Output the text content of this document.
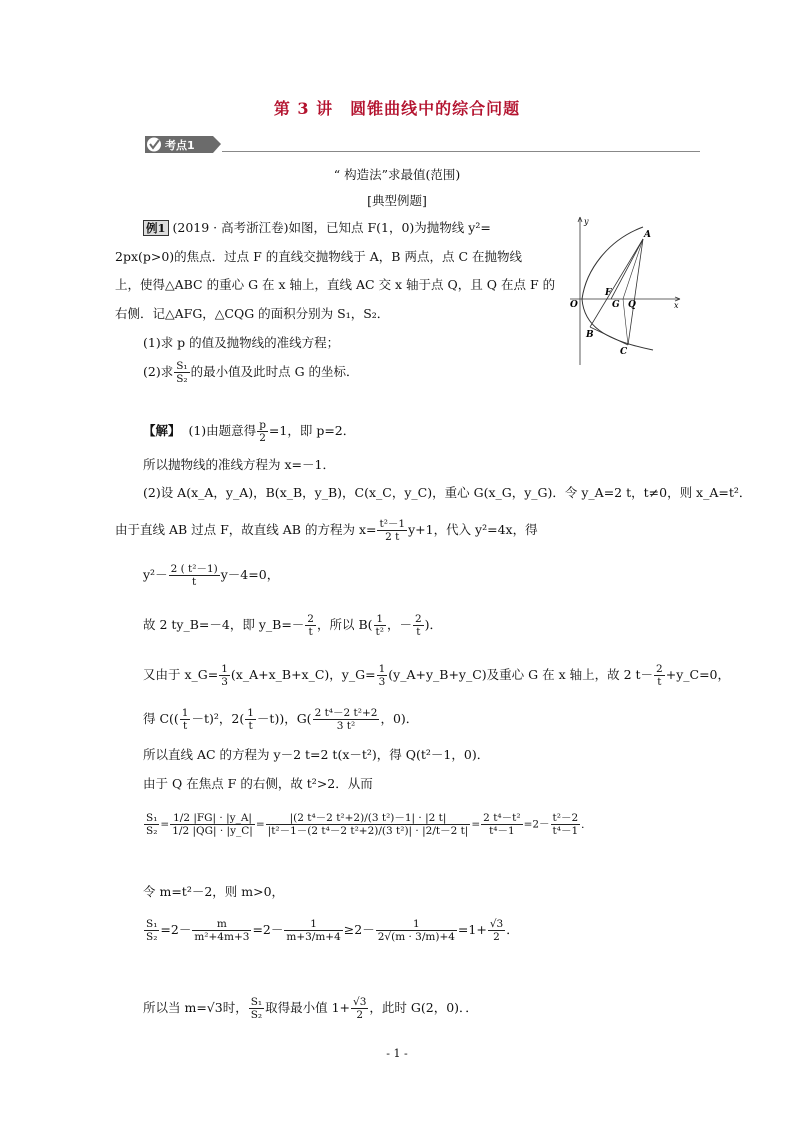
第 3 讲　圆锥曲线中的综合问题
考点1
“ 构造法”求最值(范围)
[典型例题]
例1 (2019 · 高考浙江卷)如图，已知点 F(1，0)为抛物线 y²=
2px(p>0)的焦点．过点 F 的直线交抛物线于 A，B 两点，点 C 在抛物线
上，使得△ABC 的重心 G 在 x 轴上，直线 AC 交 x 轴于点 Q，且 Q 在点 F 的
右侧．记△AFG，△CQG 的面积分别为 S₁，S₂．
(1)求 p 的值及抛物线的准线方程；
(2)求 $\frac{\text{S₁}}{\text{S₂}}$ 的最小值及此时点 G 的坐标．
y
x
O
A
B
C
F
G Q
【解】 (1)由题意得 $\frac{p}{2} =1$，即 p=2．
所以抛物线的准线方程为 x=－1．
(2)设 A(x_A，y_A)，B(x_B，y_B)，C(x_C，y_C)，重心 G(x_G，y_G)．令 y_A=2 t，t≠0，则 x_A=t²．
由于直线 AB 过点 F，故直线 AB 的方程为 $x= \frac{\text{t²－1}}{2 t} y+1$，代入 y²=4x，得
$y^2- \frac{\text{2 ( t²－1)}}{t} y-4=0$，
故 2 ty_B=－4，即 y_B=－ $\frac{2}{t}$ ，所以 $B( \frac{1}{\text{t²}}$ ，－ $\frac{2}{t}$ )．
又由于 x_G= $\frac{1}{3}$ (x_A+x_B+x_C)，y_G= $\frac{1}{3}$ (y_A+y_B+y_C)及重心 G 在 x 轴上，故 2 $t- \frac{2}{t}$ +y_C=0，
得 $C(( \frac{1}{t} -t)^2$，$2( \frac{1}{t} -t)$)，$G( \frac{\text{2 t⁴－2 t²+2}}{\text{3 t²}}$ ，0)．
所以直线 AC 的方程为 y－2 t=2 t(x－t²)，得 Q(t²－1，0)．
由于 Q 在焦点 F 的右侧，故 t²>2．从而
$\frac{\text{S₁}}{\text{S₂}} = \frac{1/2 |FG| \cdot |y\_A|}{1/2 |QG| \cdot |y\_C|} = \frac{\text{|(2 t⁴－2 t²+2)/(3 t²)－1| · |2 t|}}{\text{|t²－1－(2 t⁴－2 t²+2)/(3 t²)| · |2/t－2 t|}} = \frac{\text{2 t⁴－t²}}{\text{t⁴－1}} =2- \frac{\text{t²－2}}{\text{t⁴－1}}$ ．
令 m=t²－2，则 m>0，
$\frac{\text{S₁}}{\text{S₂}} =2- \frac{m}{\text{m²+4m+3}} =2- \frac{1}{m+3/m+4} \ge 2- \frac{1}{2√(m \cdot 3/m)+4} =1+ \frac{√3}{2}$ ．
所以当 m=√3时， $\frac{\text{S₁}}{\text{S₂}}$ 取得最小值 $1+ \frac{√3}{2}$ ，此时 G(2，0)．．
- 1 -
